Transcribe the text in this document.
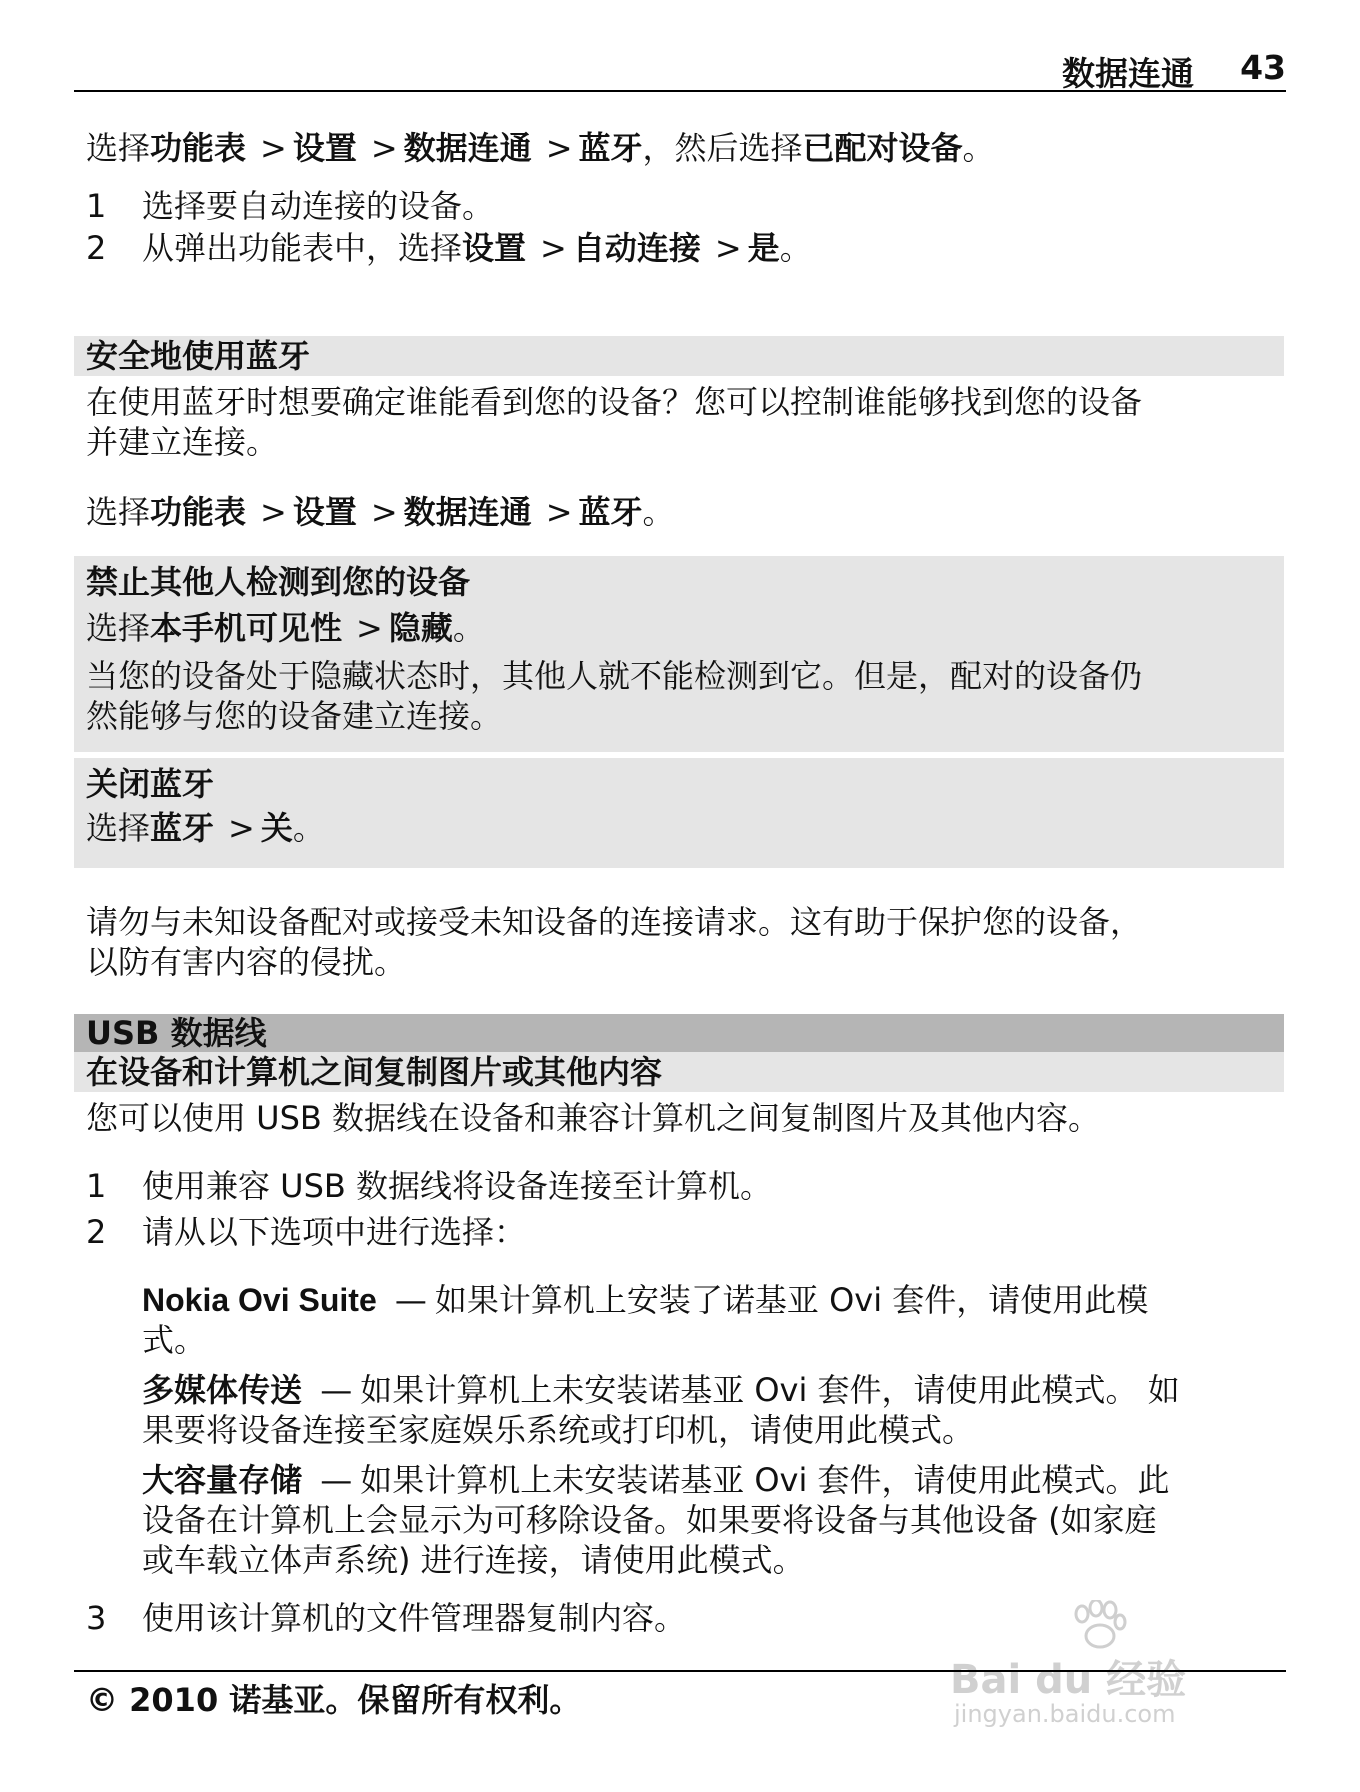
数据连通 43
选择功能表 > 设置 > 数据连通 > 蓝牙，然后选择已配对设备。
1 选择要自动连接的设备。
2 从弹出功能表中，选择设置 > 自动连接 > 是。
安全地使用蓝牙
在使用蓝牙时想要确定谁能看到您的设备？您可以控制谁能够找到您的设备
并建立连接。
选择功能表 > 设置 > 数据连通 > 蓝牙。
禁止其他人检测到您的设备
选择本手机可见性 > 隐藏。
当您的设备处于隐藏状态时，其他人就不能检测到它。但是，配对的设备仍
然能够与您的设备建立连接。
关闭蓝牙
选择蓝牙 > 关。
请勿与未知设备配对或接受未知设备的连接请求。这有助于保护您的设备，
以防有害内容的侵扰。
USB 数据线
在设备和计算机之间复制图片或其他内容
您可以使用 USB 数据线在设备和兼容计算机之间复制图片及其他内容。
1 使用兼容 USB 数据线将设备连接至计算机。
2 请从以下选项中进行选择：
Nokia Ovi Suite — 如果计算机上安装了诺基亚 Ovi 套件，请使用此模
式。
多媒体传送 — 如果计算机上未安装诺基亚 Ovi 套件，请使用此模式。 如
果要将设备连接至家庭娱乐系统或打印机，请使用此模式。
大容量存储 — 如果计算机上未安装诺基亚 Ovi 套件，请使用此模式。此
设备在计算机上会显示为可移除设备。如果要将设备与其他设备 (如家庭
或车载立体声系统) 进行连接，请使用此模式。
3 使用该计算机的文件管理器复制内容。
Bai du 经验
jingyan.baidu.com
© 2010 诺基亚。保留所有权利。
